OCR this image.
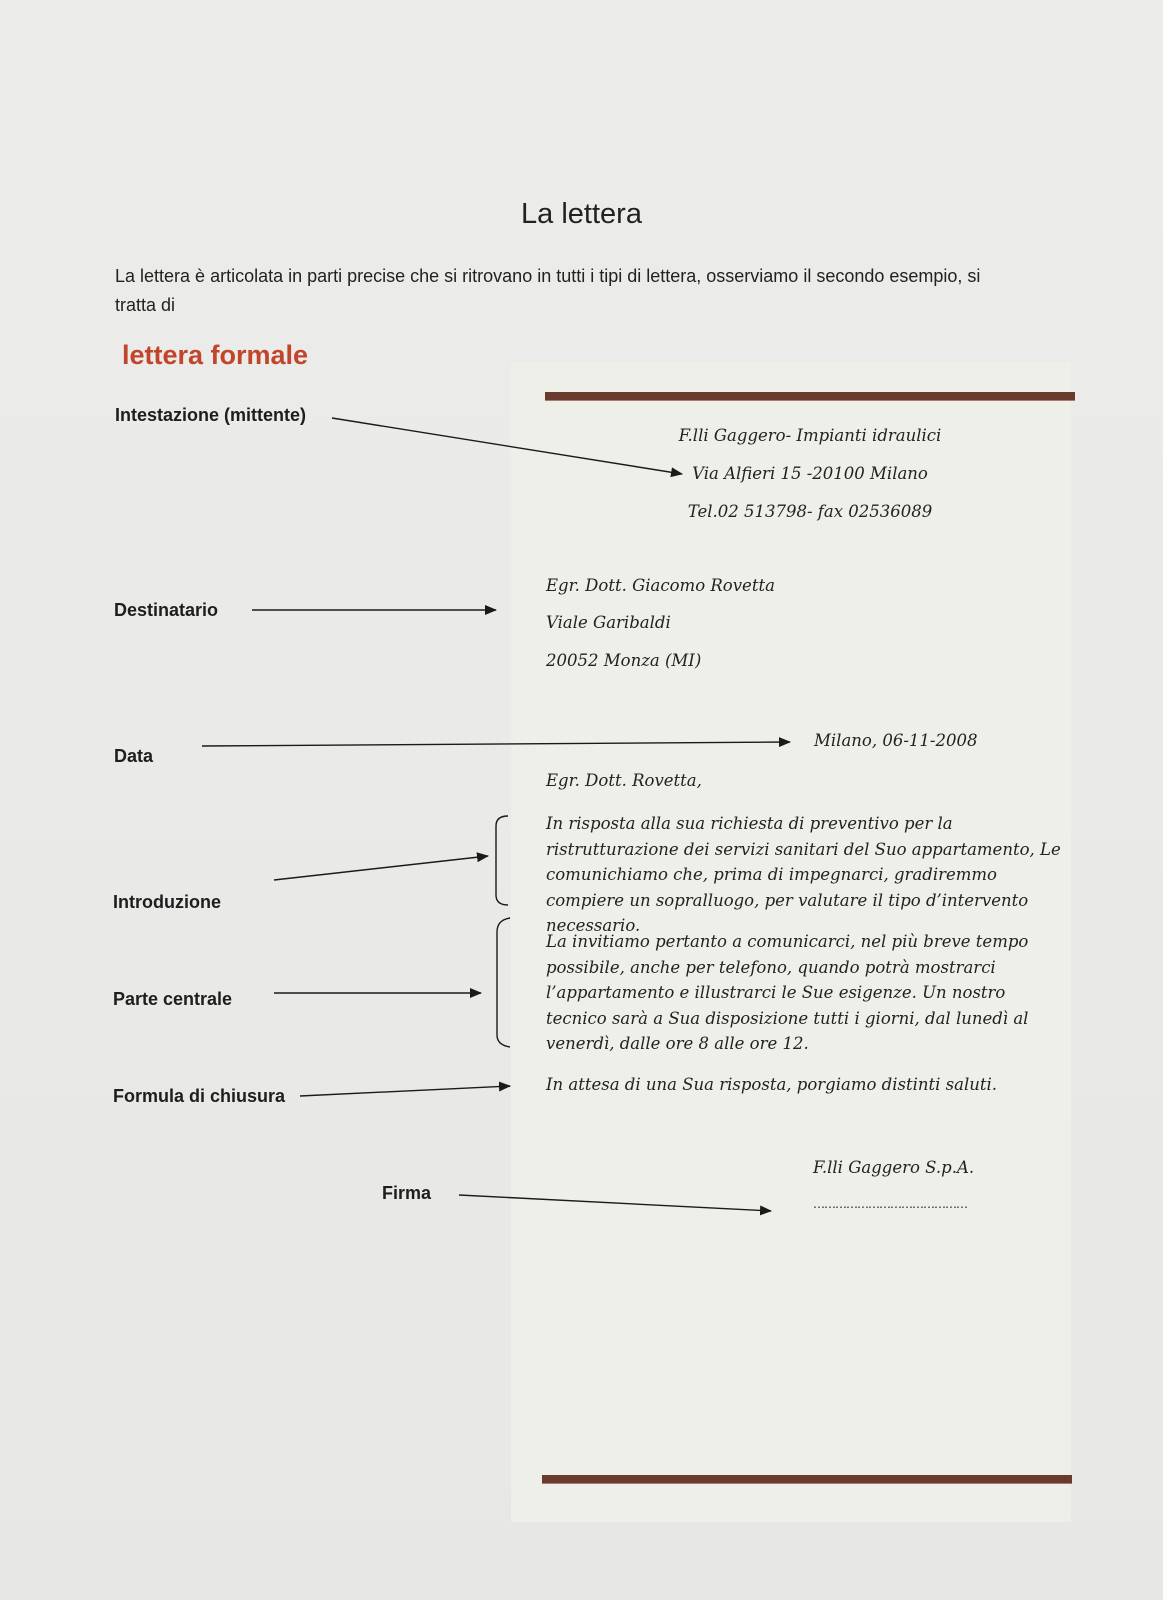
La lettera
La lettera è articolata in parti precise che si ritrovano in tutti i tipi di lettera, osserviamo il secondo esempio, si tratta di
lettera formale
Intestazione (mittente)
Destinatario
Data
Introduzione
Parte centrale
Formula di chiusura
Firma
F.lli Gaggero- Impianti idraulici
Via Alfieri 15 -20100 Milano
Tel.02 513798- fax 02536089
Egr. Dott. Giacomo Rovetta
Viale Garibaldi
20052 Monza (MI)
Milano, 06-11-2008
Egr. Dott. Rovetta,
In risposta alla sua richiesta di preventivo per la ristrutturazione dei servizi sanitari del Suo appartamento, Le comunichiamo che, prima di impegnarci, gradiremmo compiere un sopralluogo, per valutare il tipo d’intervento necessario.
La invitiamo pertanto a comunicarci, nel più breve tempo possibile, anche per telefono, quando potrà mostrarci l’appartamento e illustrarci le Sue esigenze. Un nostro tecnico sarà a Sua disposizione tutti i giorni, dal lunedì al venerdì, dalle ore 8 alle ore 12.
In attesa di una Sua risposta, porgiamo distinti saluti.
F.lli Gaggero S.p.A.
……………………………………
